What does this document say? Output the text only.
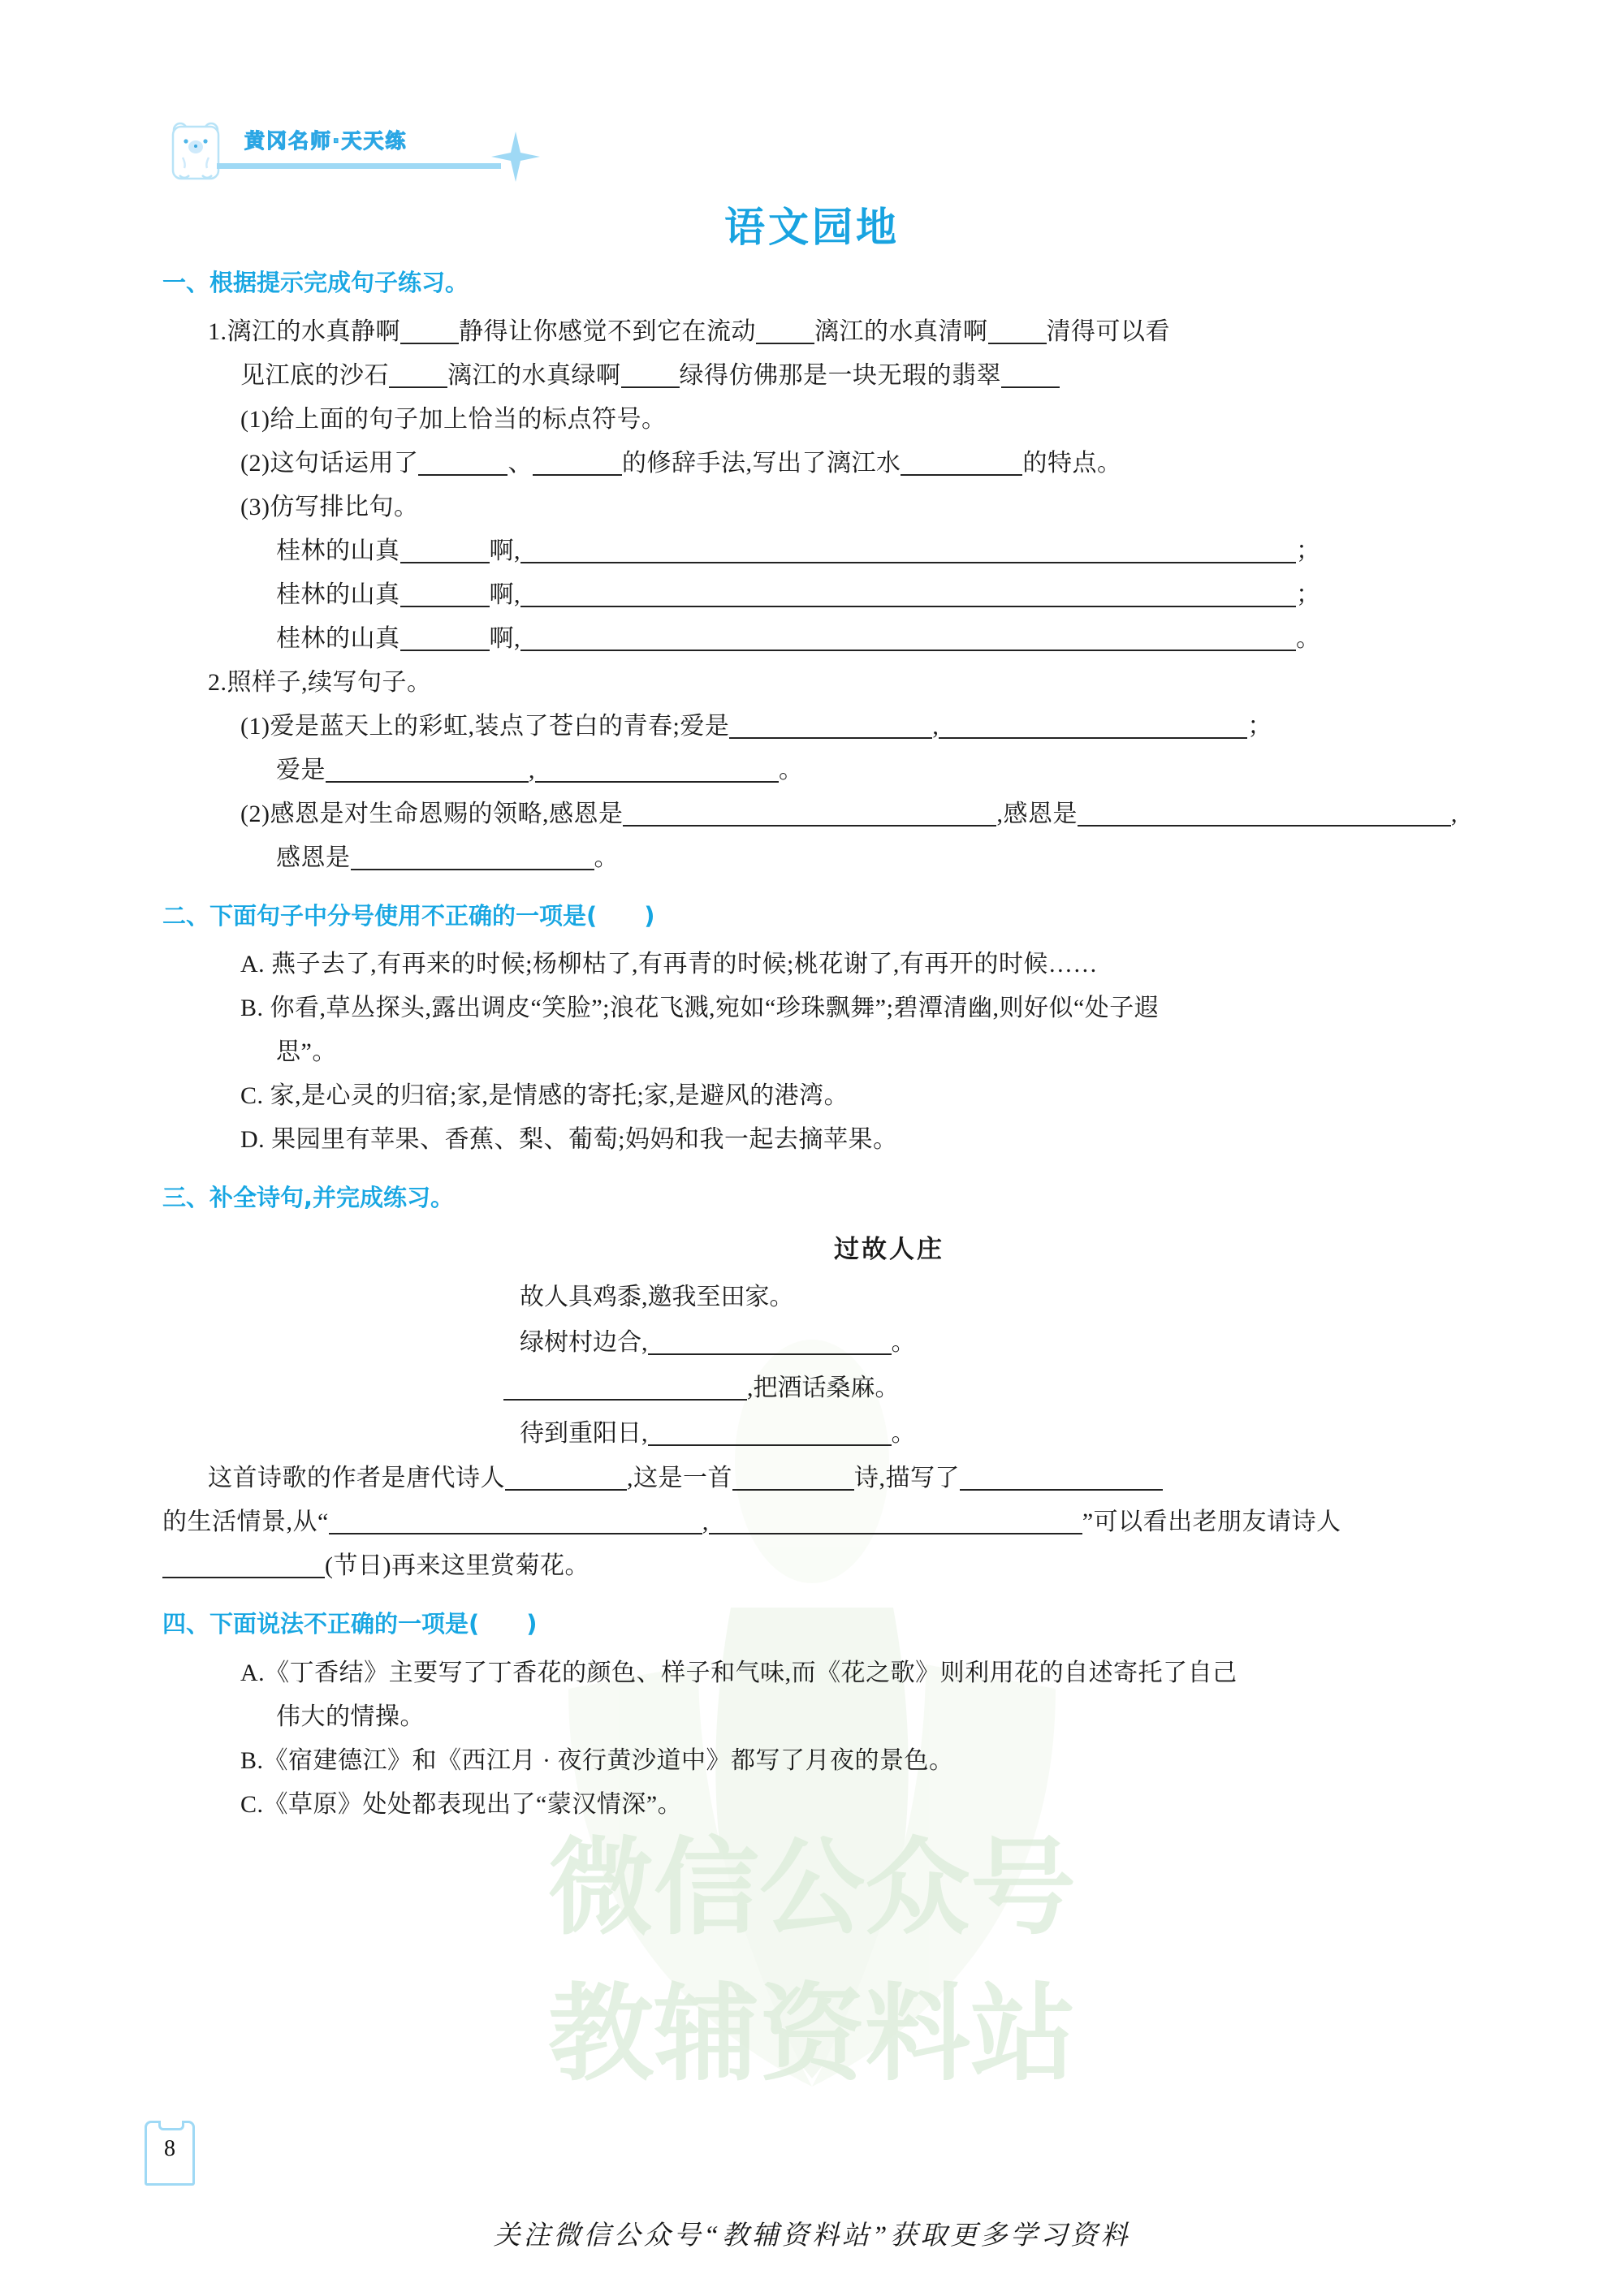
微信公众号
教辅资料站
黄冈名师·天天练
语文园地
一、根据提示完成句子练习。
1.漓江的水真静啊 静得让你感觉不到它在流动 漓江的水真清啊 清得可以看
见江底的沙石 漓江的水真绿啊 绿得仿佛那是一块无瑕的翡翠
(1)给上面的句子加上恰当的标点符号。
(2)这句话运用了	、	的修辞手法,写出了漓江水	的特点。
(3)仿写排比句。
桂林的山真	啊,	；
桂林的山真	啊,	；
桂林的山真	啊,	。
2.照样子,续写句子。
(1)爱是蓝天上的彩虹,装点了苍白的青春;爱是	,	；
爱是	,	。
(2)感恩是对生命恩赐的领略,感恩是	,感恩是	,
感恩是	。
二、下面句子中分号使用不正确的一项是(　　)
A. 燕子去了,有再来的时候;杨柳枯了,有再青的时候;桃花谢了,有再开的时候……
B. 你看,草丛探头,露出调皮“笑脸”;浪花飞溅,宛如“珍珠飘舞”;碧潭清幽,则好似“处子遐
思”。
C. 家,是心灵的归宿;家,是情感的寄托;家,是避风的港湾。
D. 果园里有苹果、香蕉、梨、葡萄;妈妈和我一起去摘苹果。
三、补全诗句,并完成练习。
过故人庄
故人具鸡黍,邀我至田家。
绿树村边合,	。
,把酒话桑麻。
待到重阳日,	。
这首诗歌的作者是唐代诗人	,这是一首	诗,描写了
的生活情景,从“	,	”可以看出老朋友请诗人
(节日)再来这里赏菊花。
四、下面说法不正确的一项是(　　)
A.《丁香结》主要写了丁香花的颜色、样子和气味,而《花之歌》则利用花的自述寄托了自己
伟大的情操。
B.《宿建德江》和《西江月 · 夜行黄沙道中》都写了月夜的景色。
C.《草原》处处都表现出了“蒙汉情深”。
8
关注微信公众号“教辅资料站”获取更多学习资料
